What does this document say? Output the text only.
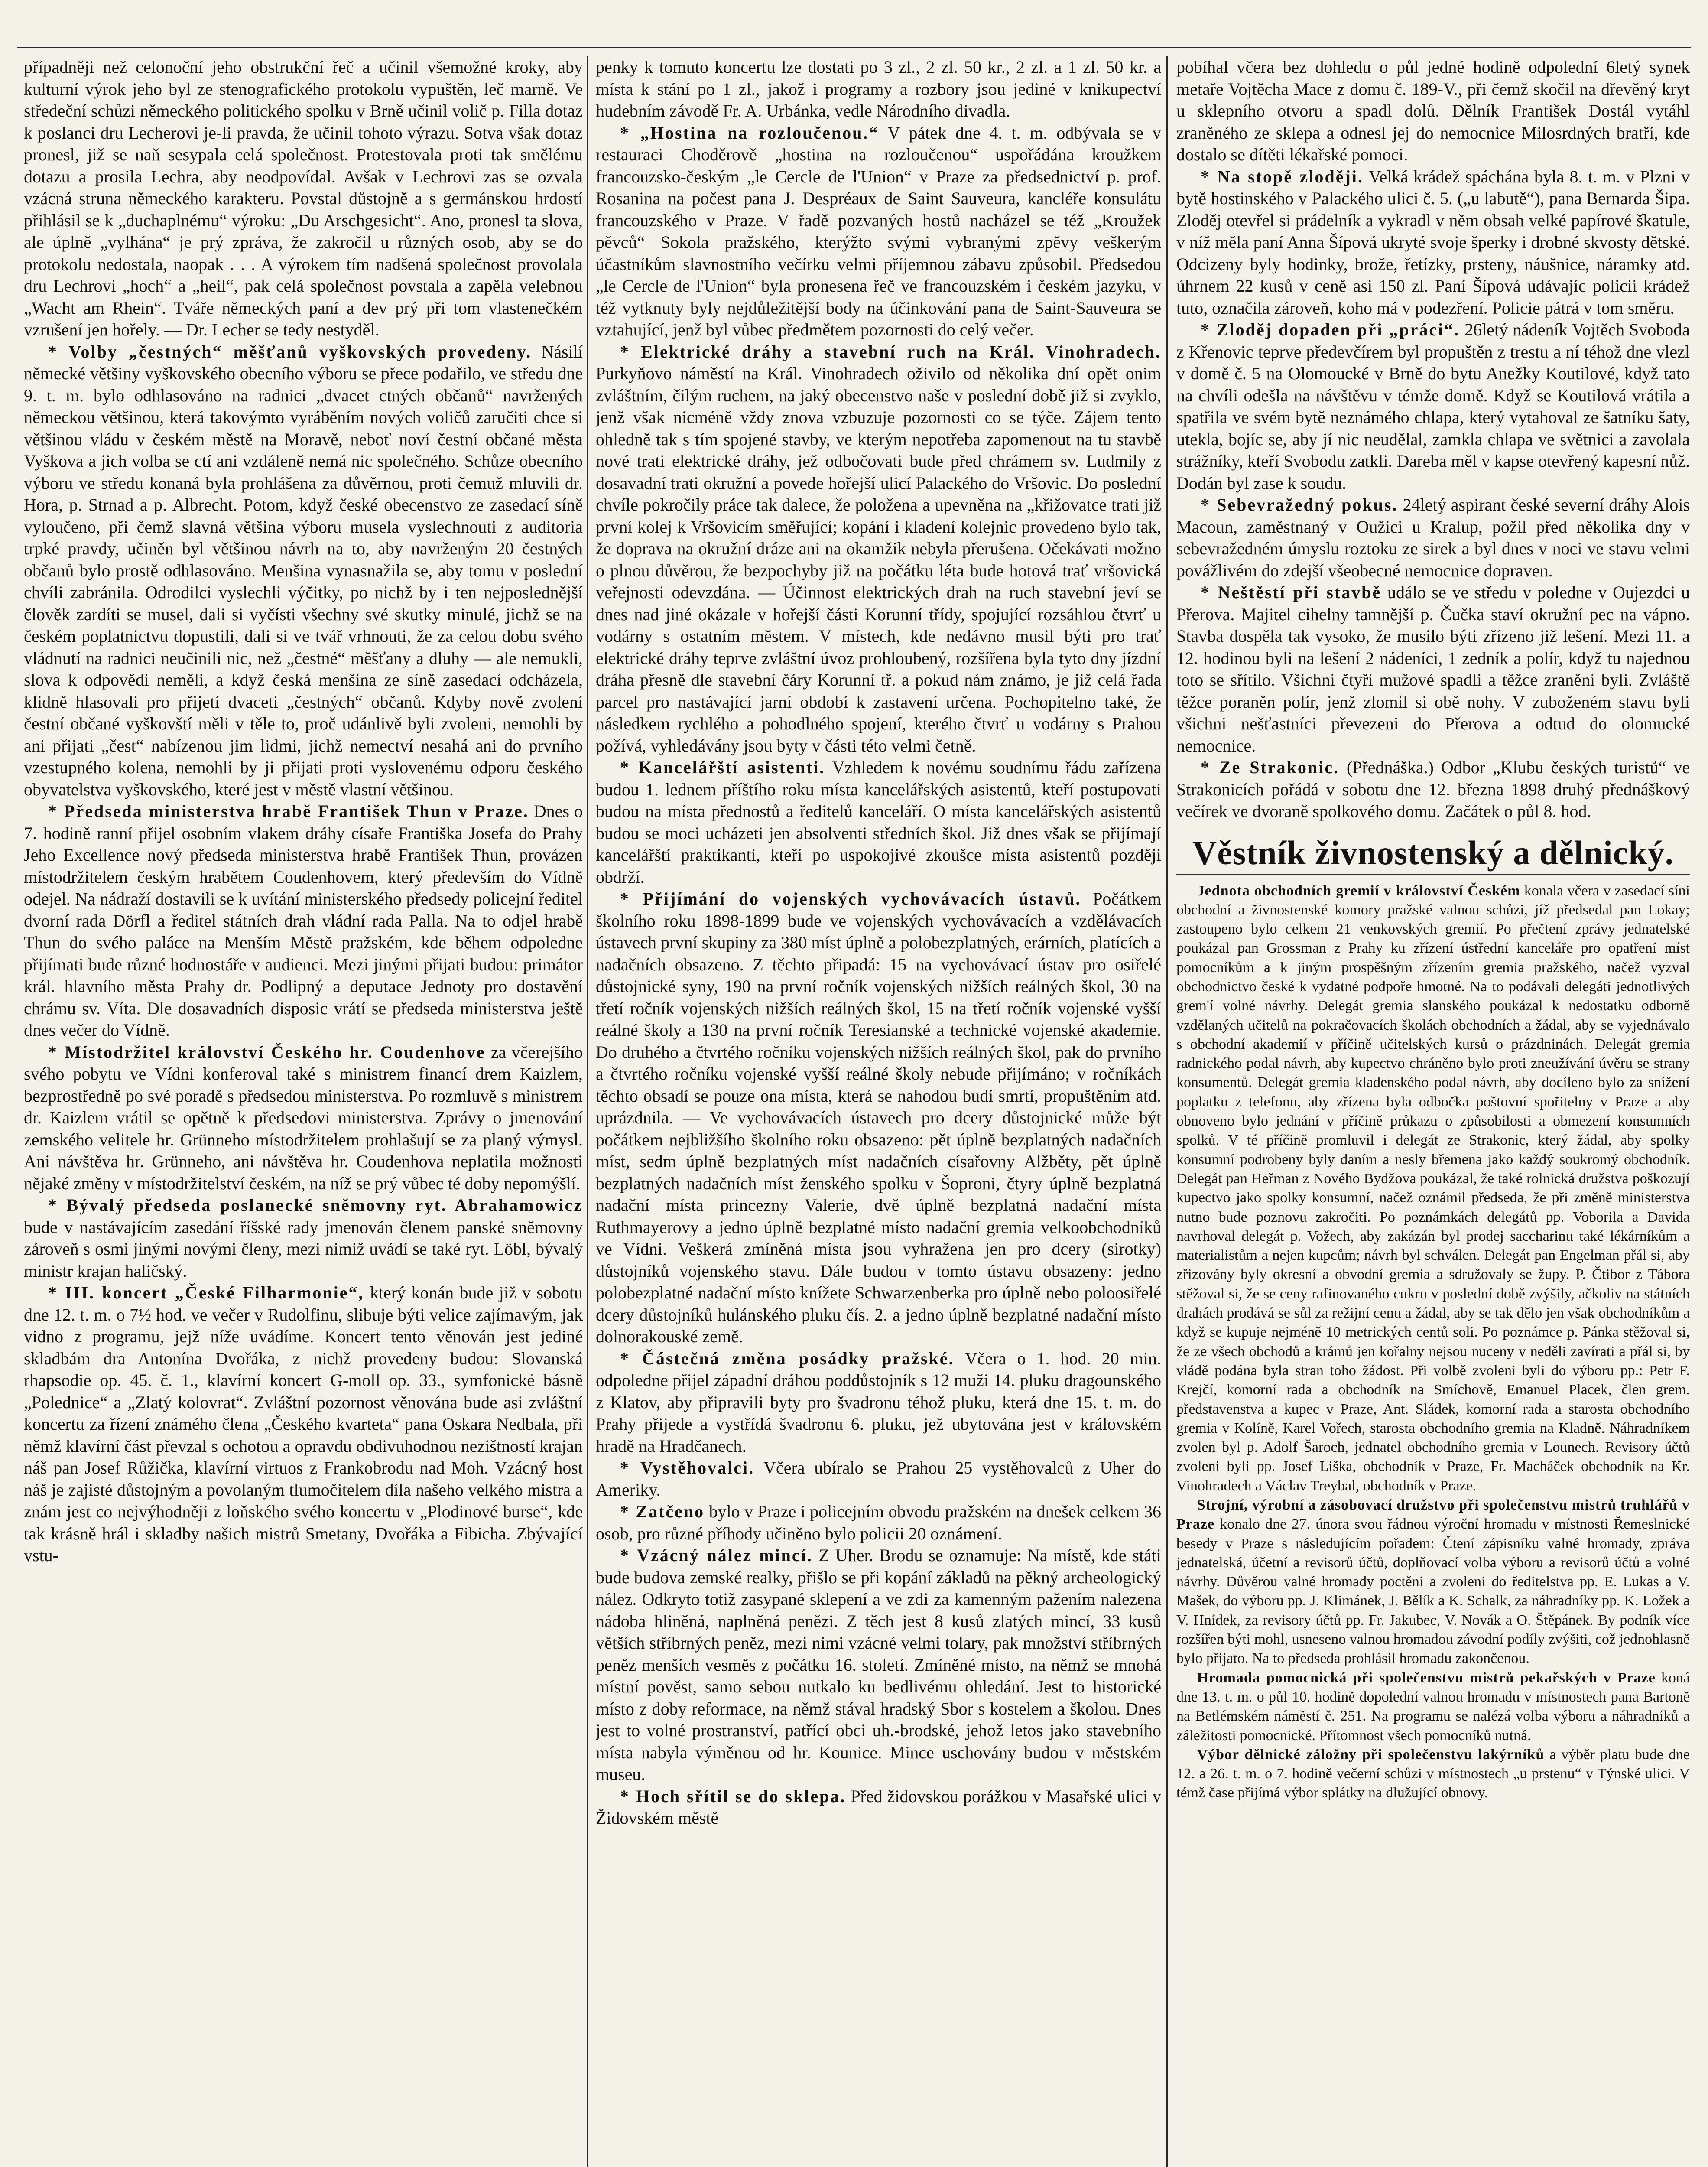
případněji než celonoční jeho obstrukční řeč a učinil všemožné kroky, aby kulturní výrok jeho byl ze stenografického protokolu vypuštěn, leč marně. Ve středeční schůzi německého politického spolku v Brně učinil volič p. Filla dotaz k poslanci dru Lecherovi je-li pravda, že učinil tohoto výrazu. Sotva však dotaz pronesl, již se naň sesypala celá společnost. Protestovala proti tak smělému dotazu a prosila Lechra, aby neodpovídal. Avšak v Lechrovi zas se ozvala vzácná struna německého karakteru. Povstal důstojně a s germánskou hrdostí přihlásil se k „duchaplnému“ výroku: „Du Arschgesicht“. Ano, pronesl ta slova, ale úplně „vylhána“ je prý zpráva, že zakročil u různých osob, aby se do protokolu nedostala, naopak . . . A výrokem tím nadšená společnost provolala dru Lechrovi „hoch“ a „heil“, pak celá společnost povstala a zapěla velebnou „Wacht am Rhein“. Tváře německých paní a dev prý při tom vlastenečkém vzrušení jen hořely. — Dr. Lecher se tedy nestyděl.

* Volby „čestných“ měšťanů vyškovských provedeny. Násilí německé většiny vyškovského obecního výboru se přece podařilo, ve středu dne 9. t. m. bylo odhlasováno na radnici „dvacet ctných občanů“ navržených německou většinou, která takovýmto vyráběním nových voličů zaručiti chce si většinou vládu v českém městě na Moravě, neboť noví čestní občané města Vyškova a jich volba se ctí ani vzdáleně nemá nic společného. Schůze obecního výboru ve středu konaná byla prohlášena za důvěrnou, proti čemuž mluvili dr. Hora, p. Strnad a p. Albrecht. Potom, když české obecenstvo ze zasedací síně vyloučeno, při čemž slavná většina výboru musela vyslechnouti z auditoria trpké pravdy, učiněn byl většinou návrh na to, aby navrženým 20 čestných občanů bylo prostě odhlasováno. Menšina vynasnažila se, aby tomu v poslední chvíli zabránila. Odrodilci vyslechli výčitky, po nichž by i ten nejposlednější člověk zardíti se musel, dali si vyčísti všechny své skutky minulé, jichž se na českém poplatnictvu dopustili, dali si ve tvář vrhnouti, že za celou dobu svého vládnutí na radnici neučinili nic, než „čestné“ měšťany a dluhy — ale nemukli, slova k odpovědi neměli, a když česká menšina ze síně zasedací odcházela, klidně hlasovali pro přijetí dvaceti „čestných“ občanů. Kdyby nově zvolení čestní občané vyškovští měli v těle to, proč udánlivě byli zvoleni, nemohli by ani přijati „čest“ nabízenou jim lidmi, jichž nemectví nesahá ani do prvního vzestupného kolena, nemohli by ji přijati proti vyslovenému odporu českého obyvatelstva vyškovského, které jest v městě vlastní většinou.

* Předseda ministerstva hrabě František Thun v Praze. Dnes o 7. hodině ranní přijel osobním vlakem dráhy císaře Františka Josefa do Prahy Jeho Excellence nový předseda ministerstva hrabě František Thun, provázen místodržitelem českým hrabětem Coudenhovem, který především do Vídně odejel. Na nádraží dostavili se k uvítání ministerského předsedy policejní ředitel dvorní rada Dörfl a ředitel státních drah vládní rada Palla. Na to odjel hrabě Thun do svého paláce na Menším Městě pražském, kde během odpoledne přijímati bude různé hodnostáře v audienci. Mezi jinými přijati budou: primátor král. hlavního města Prahy dr. Podlipný a deputace Jednoty pro dostavění chrámu sv. Víta. Dle dosavadních disposic vrátí se předseda ministerstva ještě dnes večer do Vídně.

* Místodržitel království Českého hr. Coudenhove za včerejšího svého pobytu ve Vídni konferoval také s ministrem financí drem Kaizlem, bezprostředně po své poradě s předsedou ministerstva. Po rozmluvě s ministrem dr. Kaizlem vrátil se opětně k předsedovi ministerstva. Zprávy o jmenování zemského velitele hr. Grünneho místodržitelem prohlašují se za planý výmysl. Ani návštěva hr. Grünneho, ani návštěva hr. Coudenhova neplatila možnosti nějaké změny v místodržitelství českém, na níž se prý vůbec té doby nepomýšlí.

* Bývalý předseda poslanecké sněmovny ryt. Abrahamowicz bude v nastávajícím zasedání říšské rady jmenován členem panské sněmovny zároveň s osmi jinými novými členy, mezi nimiž uvádí se také ryt. Löbl, bývalý ministr krajan haličský.

* III. koncert „České Filharmonie“, který konán bude již v sobotu dne 12. t. m. o 7½ hod. ve večer v Rudolfinu, slibuje býti velice zajímavým, jak vidno z programu, jejž níže uvádíme. Koncert tento věnován jest jediné skladbám dra Antonína Dvořáka, z nichž provedeny budou: Slovanská rhapsodie op. 45. č. 1., klavírní koncert G-moll op. 33., symfonické básně „Polednice“ a „Zlatý kolovrat“. Zvláštní pozornost věnována bude asi zvláštní koncertu za řízení známého člena „Českého kvarteta“ pana Oskara Nedbala, při němž klavírní část převzal s ochotou a opravdu obdivuhodnou nezištností krajan náš pan Josef Růžička, klavírní virtuos z Frankobrodu nad Moh. Vzácný host náš je zajisté důstojným a povolaným tlumočitelem díla našeho velkého mistra a znám jest co nejvýhodněji z loňského svého koncertu v „Plodinové burse“, kde tak krásně hrál i skladby našich mistrů Smetany, Dvořáka a Fibicha. Zbývající vstu-

penky k tomuto koncertu lze dostati po 3 zl., 2 zl. 50 kr., 2 zl. a 1 zl. 50 kr. a místa k stání po 1 zl., jakož i programy a rozbory jsou jediné v knikupectví hudebním závodě Fr. A. Urbánka, vedle Národního divadla.

* „Hostina na rozloučenou.“ V pátek dne 4. t. m. odbývala se v restauraci Choděrově „hostina na rozloučenou“ uspořádána kroužkem francouzsko-českým „le Cercle de l'Union“ v Praze za předsednictví p. prof. Rosanina na počest pana J. Despréaux de Saint Sauveura, kancléře konsulátu francouzského v Praze. V řadě pozvaných hostů nacházel se též „Kroužek pěvců“ Sokola pražského, kterýžto svými vybranými zpěvy veškerým účastníkům slavnostního večírku velmi příjemnou zábavu způsobil. Předsedou „le Cercle de l'Union“ byla pronesena řeč ve francouzském i českém jazyku, v též vytknuty byly nejdůležitější body na účinkování pana de Saint-Sauveura se vztahující, jenž byl vůbec předmětem pozornosti do celý večer.

* Elektrické dráhy a stavební ruch na Král. Vinohradech. Purkyňovo náměstí na Král. Vinohradech oživilo od několika dní opět onim zvláštním, čilým ruchem, na jaký obecenstvo naše v poslední době již si zvyklo, jenž však nicméně vždy znova vzbuzuje pozornosti co se týče. Zájem tento ohledně tak s tím spojené stavby, ve kterým nepotřeba zapomenout na tu stavbě nové trati elektrické dráhy, jež odbočovati bude před chrámem sv. Ludmily z dosavadní trati okružní a povede hořejší ulicí Palackého do Vršovic. Do poslední chvíle pokročily práce tak dalece, že položena a upevněna na „křižovatce trati již první kolej k Vršovicím směřující; kopání i kladení kolejnic provedeno bylo tak, že doprava na okružní dráze ani na okamžik nebyla přerušena. Očekávati možno o plnou důvěrou, že bezpochyby již na počátku léta bude hotová trať vršovická veřejnosti odevzdána. — Účinnost elektrických drah na ruch stavební jeví se dnes nad jiné okázale v hořejší části Korunní třídy, spojující rozsáhlou čtvrť u vodárny s ostatním městem. V místech, kde nedávno musil býti pro trať elektrické dráhy teprve zvláštní úvoz prohloubený, rozšířena byla tyto dny jízdní dráha přesně dle stavební čáry Korunní tř. a pokud nám známo, je již celá řada parcel pro nastávající jarní období k zastavení určena. Pochopitelno také, že následkem rychlého a pohodlného spojení, kterého čtvrť u vodárny s Prahou požívá, vyhledávány jsou byty v části této velmi četně.

* Kancelářští asistenti. Vzhledem k novému soudnímu řádu zařízena budou 1. lednem příštího roku místa kancelářských asistentů, kteří postupovati budou na místa přednostů a ředitelů kanceláří. O místa kancelářských asistentů budou se moci ucházeti jen absolventi středních škol. Již dnes však se přijímají kancelářští praktikanti, kteří po uspokojivé zkoušce místa asistentů později obdrží.

* Přijímání do vojenských vychovávacích ústavů. Počátkem školního roku 1898-1899 bude ve vojenských vychovávacích a vzdělávacích ústavech první skupiny za 380 míst úplně a polobezplatných, erárních, platících a nadačních obsazeno. Z těchto připadá: 15 na vychovávací ústav pro osiřelé důstojnické syny, 190 na první ročník vojenských nižších reálných škol, 30 na třetí ročník vojenských nižších reálných škol, 15 na třetí ročník vojenské vyšší reálné školy a 130 na první ročník Teresianské a technické vojenské akademie. Do druhého a čtvrtého ročníku vojenských nižších reálných škol, pak do prvního a čtvrtého ročníku vojenské vyšší reálné školy nebude přijímáno; v ročníkách těchto obsadí se pouze ona místa, která se nahodou budí smrtí, propuštěním atd. uprázdnila. — Ve vychovávacích ústavech pro dcery důstojnické může být počátkem nejbližšího školního roku obsazeno: pět úplně bezplatných nadačních míst, sedm úplně bezplatných míst nadačních císařovny Alžběty, pět úplně bezplatných nadačních míst ženského spolku v Šoproni, čtyry úplně bezplatná nadační místa princezny Valerie, dvě úplně bezplatná nadační místa Ruthmayerovy a jedno úplně bezplatné místo nadační gremia velkoobchodníků ve Vídni. Veškerá zmíněná místa jsou vyhražena jen pro dcery (sirotky) důstojníků vojenského stavu. Dále budou v tomto ústavu obsazeny: jedno polobezplatné nadační místo knížete Schwarzenberka pro úplně nebo poloosiřelé dcery důstojníků hulánského pluku čís. 2. a jedno úplně bezplatné nadační místo dolnorakouské země.

* Částečná změna posádky pražské. Včera o 1. hod. 20 min. odpoledne přijel západní dráhou poddůstojník s 12 muži 14. pluku dragounského z Klatov, aby připravili byty pro švadronu téhož pluku, která dne 15. t. m. do Prahy přijede a vystřídá švadronu 6. pluku, jež ubytována jest v královském hradě na Hradčanech.

* Vystěhovalci. Včera ubíralo se Prahou 25 vystěhovalců z Uher do Ameriky.

* Zatčeno bylo v Praze i policejním obvodu pražském na dnešek celkem 36 osob, pro různé příhody učiněno bylo policii 20 oznámení.

* Vzácný nález mincí. Z Uher. Brodu se oznamuje: Na místě, kde státi bude budova zemské realky, přišlo se při kopání základů na pěkný archeologický nález. Odkryto totiž zasypané sklepení a ve zdi za kamenným pažením nalezena nádoba hliněná, naplněná penězi. Z těch jest 8 kusů zlatých mincí, 33 kusů větších stříbrných peněz, mezi nimi vzácné velmi tolary, pak množství stříbrných peněz menších vesměs z počátku 16. století. Zmíněné místo, na němž se mnohá místní pověst, samo sebou nutkalo ku bedlivému ohledání. Jest to historické místo z doby reformace, na němž stával hradský Sbor s kostelem a školou. Dnes jest to volné prostranství, patřící obci uh.-brodské, jehož letos jako stavebního místa nabyla výměnou od hr. Kounice. Mince uschovány budou v městském museu.

* Hoch sřítil se do sklepa. Před židovskou porážkou v Masařské ulici v Židovském městě

pobíhal včera bez dohledu o půl jedné hodině odpolední 6letý synek metaře Vojtěcha Mace z domu č. 189-V., při čemž skočil na dřevěný kryt u sklepního otvoru a spadl dolů. Dělník František Dostál vytáhl zraněného ze sklepa a odnesl jej do nemocnice Milosrdných bratří, kde dostalo se dítěti lékařské pomoci.

* Na stopě zloději. Velká krádež spáchána byla 8. t. m. v Plzni v bytě hostinského v Palackého ulici č. 5. („u labutě“), pana Bernarda Šipa. Zloděj otevřel si prádelník a vykradl v něm obsah velké papírové škatule, v níž měla paní Anna Šípová ukryté svoje šperky i drobné skvosty dětské. Odcizeny byly hodinky, brože, řetízky, prsteny, náušnice, náramky atd. úhrnem 22 kusů v ceně asi 150 zl. Paní Šípová udávajíc policii krádež tuto, označila zároveň, koho má v podezření. Policie pátrá v tom směru.

* Zloděj dopaden při „práci“. 26letý nádeník Vojtěch Svoboda z Křenovic teprve předevčírem byl propuštěn z trestu a ní téhož dne vlezl v domě č. 5 na Olomoucké v Brně do bytu Anežky Koutilové, když tato na chvíli odešla na návštěvu v témže domě. Když se Koutilová vrátila a spatřila ve svém bytě neznámého chlapa, který vytahoval ze šatníku šaty, utekla, bojíc se, aby jí nic neudělal, zamkla chlapa ve světnici a zavolala strážníky, kteří Svobodu zatkli. Dareba měl v kapse otevřený kapesní nůž. Dodán byl zase k soudu.

* Sebevražedný pokus. 24letý aspirant české severní dráhy Alois Macoun, zaměstnaný v Oužici u Kralup, požil před několika dny v sebevražedném úmyslu roztoku ze sirek a byl dnes v noci ve stavu velmi povážlivém do zdejší všeobecné nemocnice dopraven.

* Neštěstí při stavbě událo se ve středu v poledne v Oujezdci u Přerova. Majitel cihelny tamnější p. Čučka staví okružní pec na vápno. Stavba dospěla tak vysoko, že musilo býti zřízeno již lešení. Mezi 11. a 12. hodinou byli na lešení 2 nádeníci, 1 zedník a polír, když tu najednou toto se sřítilo. Všichni čtyři mužové spadli a těžce zraněni byli. Zvláště těžce poraněn polír, jenž zlomil si obě nohy. V zuboženém stavu byli všichni nešťastníci převezeni do Přerova a odtud do olomucké nemocnice.

* Ze Strakonic. (Přednáška.) Odbor „Klubu českých turistů“ ve Strakonicích pořádá v sobotu dne 12. března 1898 druhý přednáškový večírek ve dvoraně spolkového domu. Začátek o půl 8. hod.

Věstník živnostenský a dělnický.

Jednota obchodních gremií v království Českém konala včera v zasedací síni obchodní a živnostenské komory pražské valnou schůzi, jíž předsedal pan Lokay; zastoupeno bylo celkem 21 venkovských gremií. Po přečtení zprávy jednatelské poukázal pan Grossman z Prahy ku zřízení ústřední kanceláře pro opatření míst pomocníkům a k jiným prospěšným zřízením gremia pražského, načež vyzval obchodnictvo české k vydatné podpoře hmotné. Na to podávali delegáti jednotlivých grem'í volné návrhy. Delegát gremia slanského poukázal k nedostatku odborně vzdělaných učitelů na pokračovacích školách obchodních a žádal, aby se vyjednávalo s obchodní akademií v příčině učitelských kursů o prázdninách. Delegát gremia radnického podal návrh, aby kupectvo chráněno bylo proti zneužívání úvěru se strany konsumentů. Delegát gremia kladenského podal návrh, aby docíleno bylo za snížení poplatku z telefonu, aby zřízena byla odbočka poštovní spořitelny v Praze a aby obnoveno bylo jednání v příčině průkazu o způsobilosti a obmezení konsumních spolků. V té příčině promluvil i delegát ze Strakonic, který žádal, aby spolky konsumní podrobeny byly daním a nesly břemena jako každý soukromý obchodník. Delegát pan Heřman z Nového Bydžova poukázal, že také rolnická družstva poškozují kupectvo jako spolky konsumní, načež oznámil předseda, že při změně ministerstva nutno bude poznovu zakročiti. Po poznámkách delegátů pp. Voborila a Davida navrhoval delegát p. Vožech, aby zakázán byl prodej saccharinu také lékárníkům a materialistům a nejen kupcům; návrh byl schválen. Delegát pan Engelman přál si, aby zřizovány byly okresní a obvodní gremia a sdružovaly se župy. P. Čtibor z Tábora stěžoval si, že se ceny rafinovaného cukru v poslední době zvýšily, ačkoliv na státních drahách prodává se sůl za režijní cenu a žádal, aby se tak dělo jen však obchodníkům a když se kupuje nejméně 10 metrických centů soli. Po poznámce p. Pánka stěžoval si, že ze všech obchodů a krámů jen kořalny nejsou nuceny v neděli zavírati a přál si, by vládě podána byla stran toho žádost. Při volbě zvoleni byli do výboru pp.: Petr F. Krejčí, komorní rada a obchodník na Smíchově, Emanuel Placek, člen grem. představenstva a kupec v Praze, Ant. Sládek, komorní rada a starosta obchodního gremia v Kolíně, Karel Vořech, starosta obchodního gremia na Kladně. Náhradníkem zvolen byl p. Adolf Šaroch, jednatel obchodního gremia v Lounech. Revisory účtů zvoleni byli pp. Josef Liška, obchodník v Praze, Fr. Macháček obchodník na Kr. Vinohradech a Václav Treybal, obchodník v Praze.

Strojní, výrobní a zásobovací družstvo při společenstvu mistrů truhlářů v Praze konalo dne 27. února svou řádnou výroční hromadu v místnosti Řemeslnické besedy v Praze s následujícím pořadem: Čtení zápisníku valné hromady, zpráva jednatelská, účetní a revisorů účtů, doplňovací volba výboru a revisorů účtů a volné návrhy. Důvěrou valné hromady poctěni a zvoleni do ředitelstva pp. E. Lukas a V. Mašek, do výboru pp. J. Klimánek, J. Bělík a K. Schalk, za náhradníky pp. K. Ložek a V. Hnídek, za revisory účtů pp. Fr. Jakubec, V. Novák a O. Štěpánek. By podník více rozšířen býti mohl, usneseno valnou hromadou závodní podíly zvýšiti, což jednohlasně bylo přijato. Na to předseda prohlásil hromadu zakončenou.

Hromada pomocnická při společenstvu mistrů pekařských v Praze koná dne 13. t. m. o půl 10. hodině dopolední valnou hromadu v místnostech pana Bartoně na Betlémském náměstí č. 251. Na programu se nalézá volba výboru a náhradníků a záležitosti pomocnické. Přítomnost všech pomocníků nutná.

Výbor dělnické záložny při společenstvu lakýrníků a výběr platu bude dne 12. a 26. t. m. o 7. hodině večerní schůzi v místnostech „u prstenu“ v Týnské ulici. V témž čase přijímá výbor splátky na dlužující obnovy.
